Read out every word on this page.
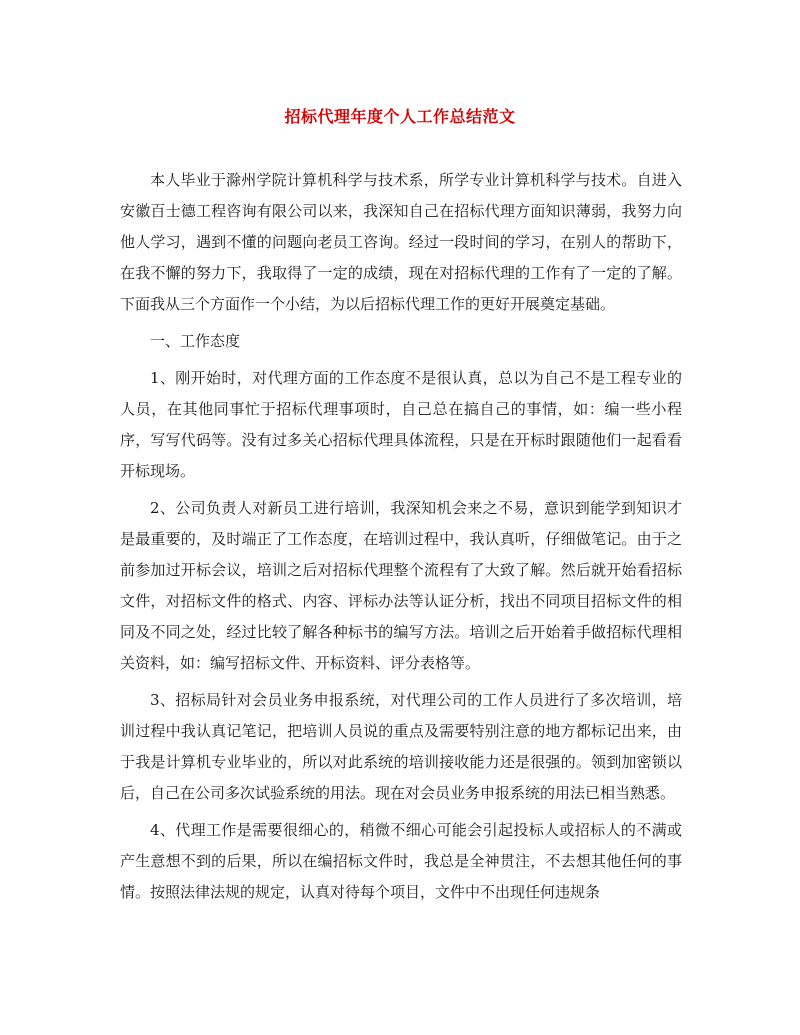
招标代理年度个人工作总结范文

本人毕业于滁州学院计算机科学与技术系，所学专业计算机科学与技术。自进入安徽百士德工程咨询有限公司以来，我深知自己在招标代理方面知识薄弱，我努力向他人学习，遇到不懂的问题向老员工咨询。经过一段时间的学习，在别人的帮助下，在我不懈的努力下，我取得了一定的成绩，现在对招标代理的工作有了一定的了解。下面我从三个方面作一个小结，为以后招标代理工作的更好开展奠定基础。

一、工作态度

1、刚开始时，对代理方面的工作态度不是很认真，总以为自己不是工程专业的人员，在其他同事忙于招标代理事项时，自己总在搞自己的事情，如：编一些小程序，写写代码等。没有过多关心招标代理具体流程，只是在开标时跟随他们一起看看开标现场。

2、公司负责人对新员工进行培训，我深知机会来之不易，意识到能学到知识才是最重要的，及时端正了工作态度，在培训过程中，我认真听，仔细做笔记。由于之前参加过开标会议，培训之后对招标代理整个流程有了大致了解。然后就开始看招标文件，对招标文件的格式、内容、评标办法等认证分析，找出不同项目招标文件的相同及不同之处，经过比较了解各种标书的编写方法。培训之后开始着手做招标代理相关资料，如：编写招标文件、开标资料、评分表格等。

3、招标局针对会员业务申报系统，对代理公司的工作人员进行了多次培训，培训过程中我认真记笔记，把培训人员说的重点及需要特别注意的地方都标记出来，由于我是计算机专业毕业的，所以对此系统的培训接收能力还是很强的。领到加密锁以后，自己在公司多次试验系统的用法。现在对会员业务申报系统的用法已相当熟悉。

4、代理工作是需要很细心的，稍微不细心可能会引起投标人或招标人的不满或产生意想不到的后果，所以在编招标文件时，我总是全神贯注，不去想其他任何的事情。按照法律法规的规定，认真对待每个项目，文件中不出现任何违规条
